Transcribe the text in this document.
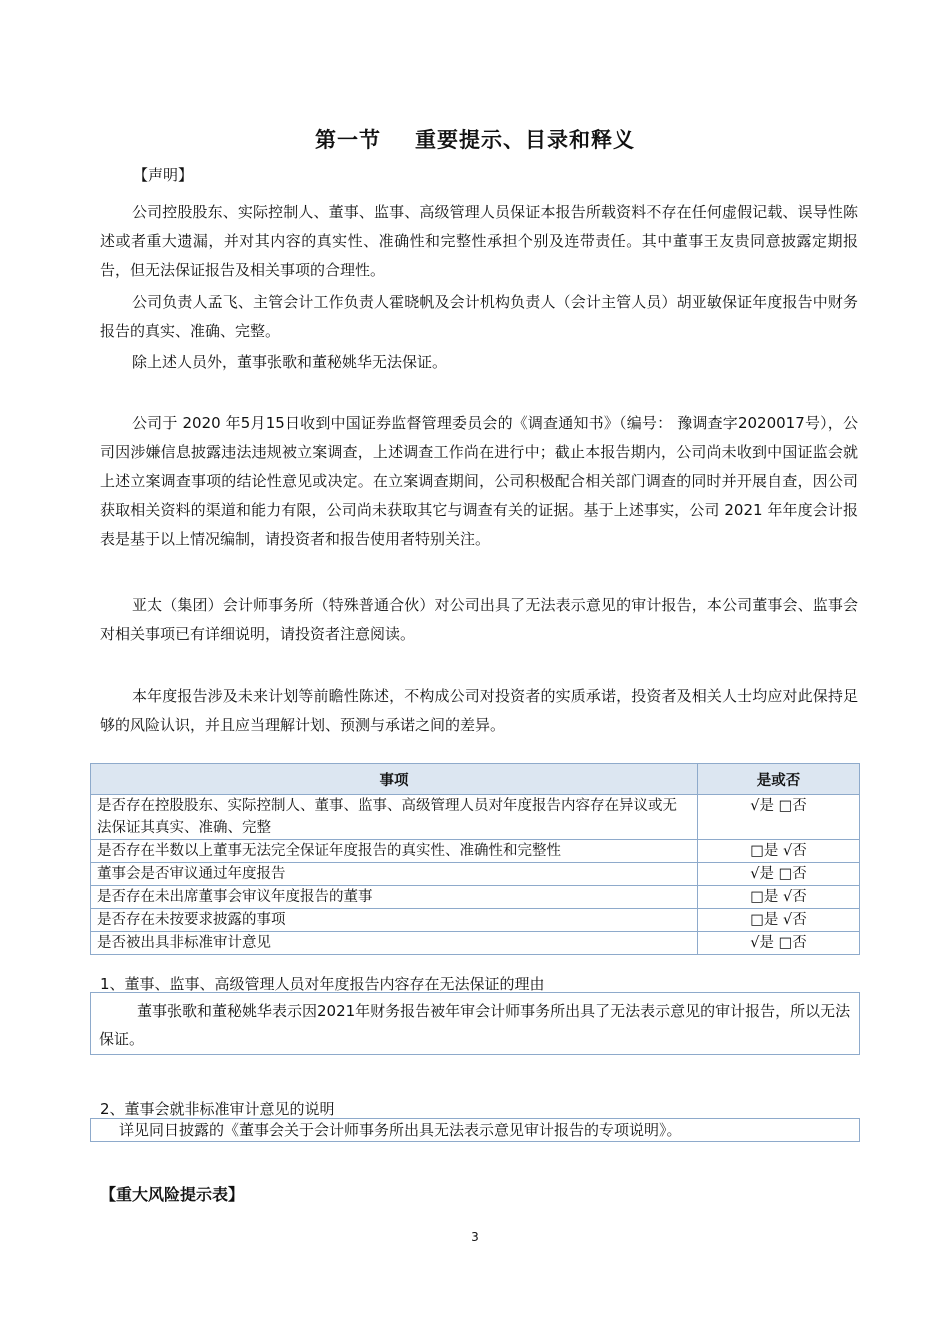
第一节 重要提示、目录和释义
【声明】
公司控股股东、实际控制人、董事、监事、高级管理人员保证本报告所载资料不存在任何虚假记载、误导性陈述或者重大遗漏，并对其内容的真实性、准确性和完整性承担个别及连带责任。其中董事王友贵同意披露定期报告，但无法保证报告及相关事项的合理性。
公司负责人孟飞、主管会计工作负责人霍晓帆及会计机构负责人（会计主管人员）胡亚敏保证年度报告中财务报告的真实、准确、完整。
除上述人员外，董事张歌和董秘姚华无法保证。
公司于 2020 年5月15日收到中国证券监督管理委员会的《调查通知书》（编号： 豫调查字2020017号），公司因涉嫌信息披露违法违规被立案调查，上述调查工作尚在进行中；截止本报告期内，公司尚未收到中国证监会就上述立案调查事项的结论性意见或决定。在立案调查期间，公司积极配合相关部门调查的同时并开展自查，因公司获取相关资料的渠道和能力有限，公司尚未获取其它与调查有关的证据。基于上述事实，公司 2021 年年度会计报表是基于以上情况编制，请投资者和报告使用者特别关注。
亚太（集团）会计师事务所（特殊普通合伙）对公司出具了无法表示意见的审计报告，本公司董事会、监事会对相关事项已有详细说明，请投资者注意阅读。
本年度报告涉及未来计划等前瞻性陈述，不构成公司对投资者的实质承诺，投资者及相关人士均应对此保持足够的风险认识，并且应当理解计划、预测与承诺之间的差异。
事项	是或否
是否存在控股股东、实际控制人、董事、监事、高级管理人员对年度报告内容存在异议或无法保证其真实、准确、完整	√是 □否
是否存在半数以上董事无法完全保证年度报告的真实性、准确性和完整性	□是 √否
董事会是否审议通过年度报告	√是 □否
是否存在未出席董事会审议年度报告的董事	□是 √否
是否存在未按要求披露的事项	□是 √否
是否被出具非标准审计意见	√是 □否
1、董事、监事、高级管理人员对年度报告内容存在无法保证的理由
董事张歌和董秘姚华表示因2021年财务报告被年审会计师事务所出具了无法表示意见的审计报告，所以无法保证。
2、董事会就非标准审计意见的说明
详见同日披露的《董事会关于会计师事务所出具无法表示意见审计报告的专项说明》。
【重大风险提示表】
3
